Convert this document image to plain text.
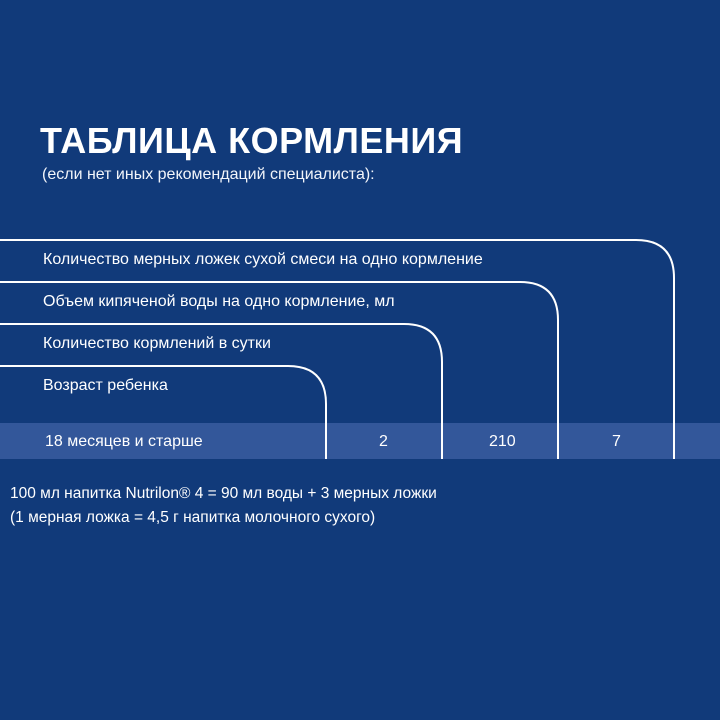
ТАБЛИЦА КОРМЛЕНИЯ

(если нет иных рекомендаций специалиста):

Количество мерных ложек сухой смеси на одно кормление
Объем кипяченой воды на одно кормление, мл
Количество кормлений в сутки
Возраст ребенка
18 месяцев и старше	2	210	7
100 мл напитка Nutrilon® 4 = 90 мл воды + 3 мерных ложки
(1 мерная ложка = 4,5 г напитка молочного сухого)
